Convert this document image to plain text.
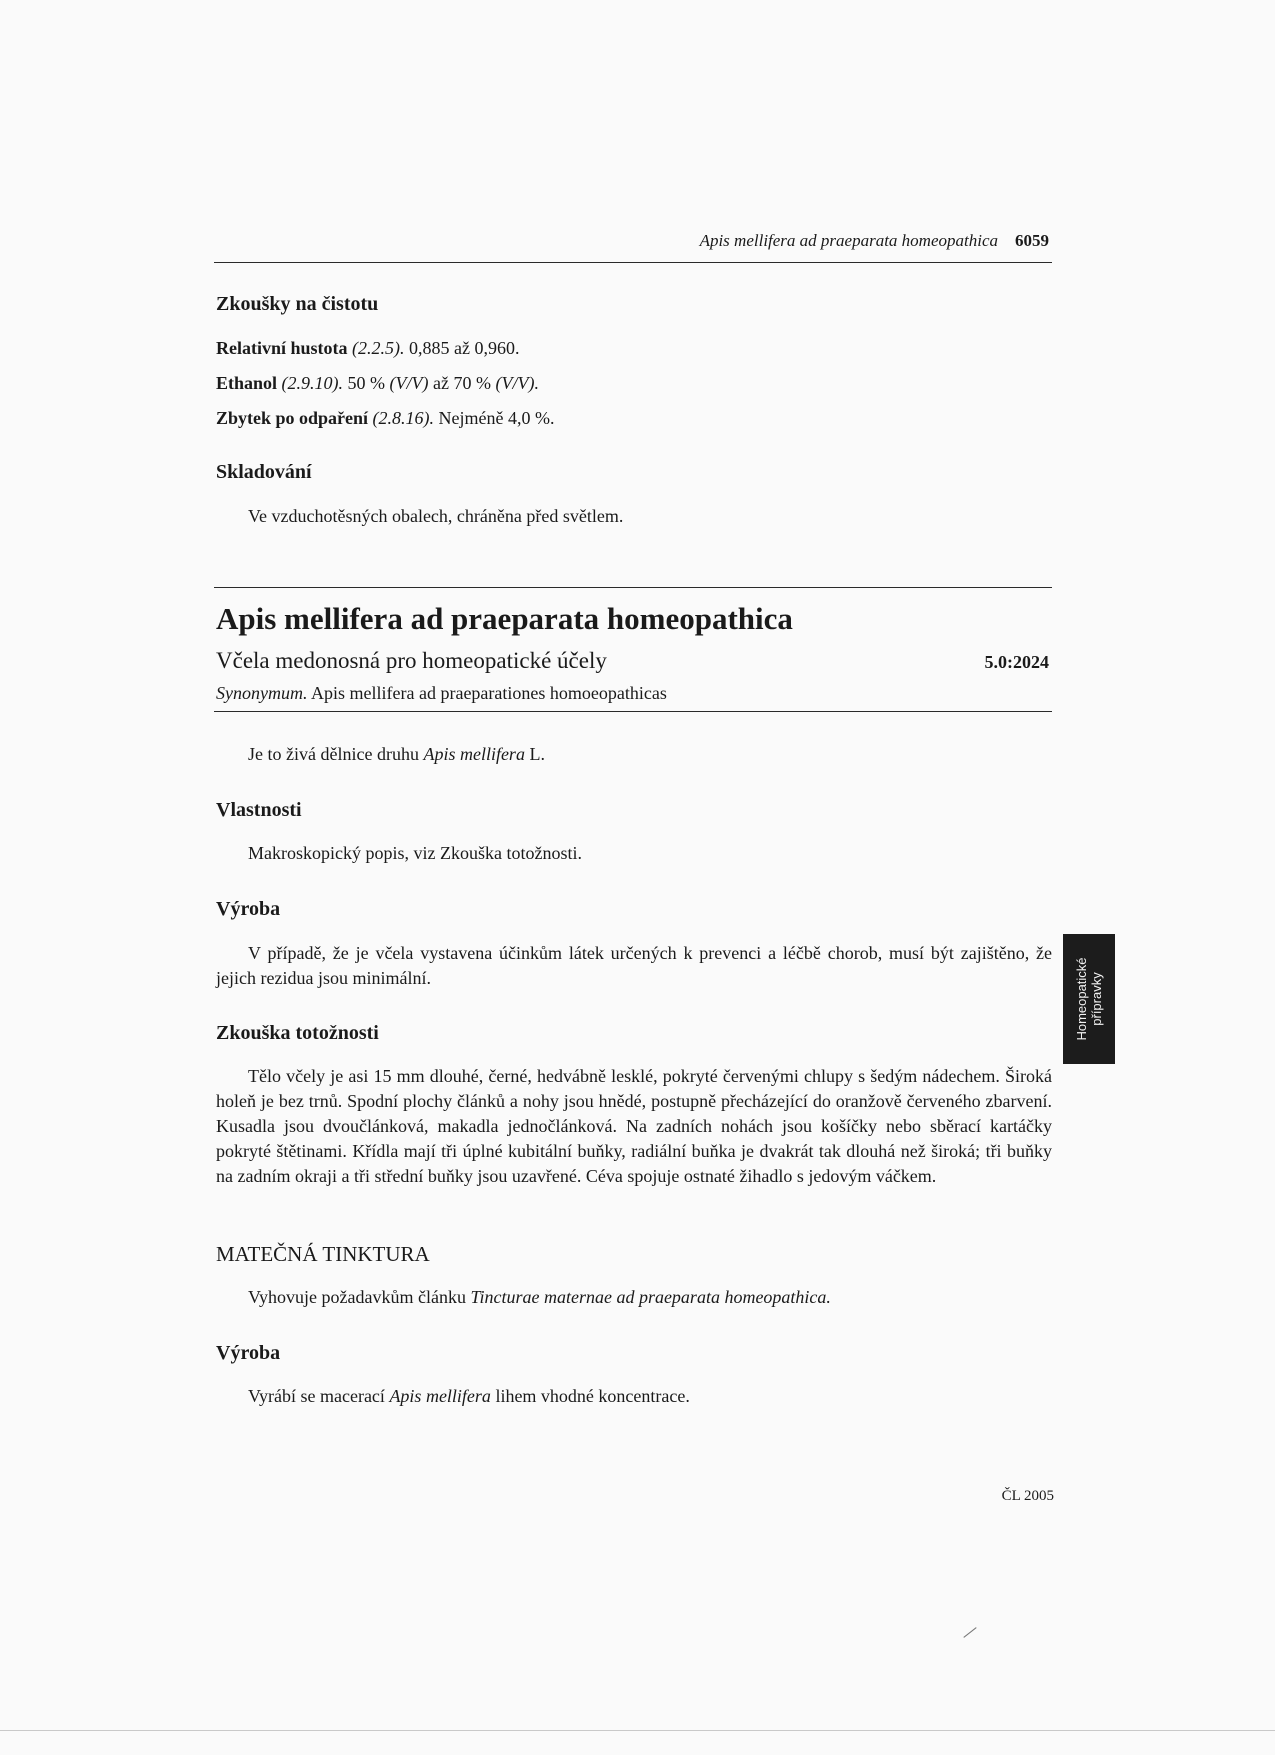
Apis mellifera ad praeparata homeopathica 6059
Zkoušky na čistotu
Relativní hustota (2.2.5). 0,885 až 0,960.
Ethanol (2.9.10). 50 % (V/V) až 70 % (V/V).
Zbytek po odpaření (2.8.16). Nejméně 4,0 %.
Skladování
Ve vzduchotěsných obalech, chráněna před světlem.
Apis mellifera ad praeparata homeopathica
Včela medonosná pro homeopatické účely	5.0:2024
Synonymum. Apis mellifera ad praeparationes homoeopathicas
Je to živá dělnice druhu Apis mellifera L.
Vlastnosti
Makroskopický popis, viz Zkouška totožnosti.
Výroba

V případě, že je včela vystavena účinkům látek určených k prevenci a léčbě chorob, musí být zajištěno, že jejich rezidua jsou minimální.

Zkouška totožnosti

Tělo včely je asi 15 mm dlouhé, černé, hedvábně lesklé, pokryté červenými chlupy s šedým nádechem. Široká holeň je bez trnů. Spodní plochy článků a nohy jsou hnědé, postupně přecházející do oranžově červeného zbarvení. Kusadla jsou dvoučlánková, makadla jednočlánková. Na zadních nohách jsou košíčky nebo sběrací kartáčky pokryté štětinami. Křídla mají tři úplné kubitální buňky, radiální buňka je dvakrát tak dlouhá než široká; tři buňky na zadním okraji a tři střední buňky jsou uzavřené. Céva spojuje ostnaté žihadlo s jedovým váčkem.

MATEČNÁ TINKTURA
Vyhovuje požadavkům článku Tincturae maternae ad praeparata homeopathica.
Výroba
Vyrábí se macerací Apis mellifera lihem vhodné koncentrace.
Homeopatické přípravky
ČL 2005
